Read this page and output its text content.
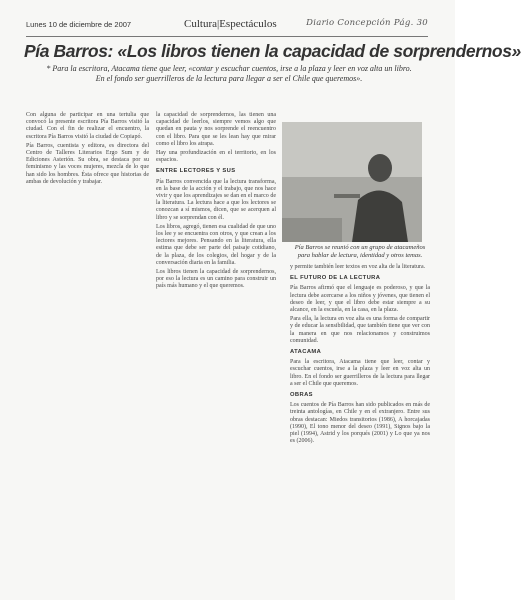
Lunes 10 de diciembre de 2007	Cultura|Espectáculos	Diario Concepción Pág. 30
Pía Barros: «Los libros tienen la capacidad de sorprendernos»
* Para la escritora, Atacama tiene que leer, «contar y escuchar cuentos, irse a la plaza y leer en voz alta un libro. En el fondo ser guerrilleros de la lectura para llegar a ser el Chile que queremos».

Con alguna de participar en una tertulia que convocó la presente escritora Pía Barros visitó la ciudad. Con el fin de realizar el encuentro, la escritora Pía Barros visitó la ciudad de Copiapó.

Pía Barros, cuentista y editora, es directora del Centro de Talleres Literarios Ergo Sum y de Ediciones Asterión. Su obra, se destaca por su feminismo y las voces mujeres, mezcla de lo que han sido los hombres. Ésta ofrece que historias de ambas de devolución y trabajar.

la capacidad de sorprendernos, las tienen una capacidad de leerlos, siempre vemos algo que quedan en pauta y nos sorprende el reencuentro con el libro. Para que se les lean hay que mirar como el libro los atrapa.

Hay una profundización en el territorio, en los espacios.

ENTRE LECTORES Y SUS

Pía Barros convencida que la lectura transforma, en la base de la acción y el trabajo, que nos hace vivir y que los aprendizajes se dan en el marco de la literatura. La lectura hace a que los lectores se conozcan a sí mismos, dicen, que se acerquen al libro y se sorprendan con él.

Los libros, agregó, tienen esa cualidad de que uno los lee y se encuentra con otros, y que crean a los lectores mejores. Pensando en la literatura, ella estima que debe ser parte del paisaje cotidiano, de la plaza, de los colegios, del hogar y de la conversación diaria en la familia.

Los libros tienen la capacidad de sorprendernos, por eso la lectura es un camino para construir un país más humano y el que queremos.

Pía Barros se reunió con un grupo de atacameños para hablar de lectura, identidad y otros temas.

y permite también leer textos en voz alta de la literatura.

EL FUTURO DE LA LECTURA

Pía Barros afirmó que el lenguaje es poderoso, y que la lectura debe acercarse a los niños y jóvenes, que tienen el deseo de leer, y que el libro debe estar siempre a su alcance, en la escuela, en la casa, en la plaza.

Para ella, la lectura en voz alta es una forma de compartir y de educar la sensibilidad, que también tiene que ver con la manera en que nos relacionamos y construimos comunidad.

ATACAMA

Para la escritora, Atacama tiene que leer, contar y escuchar cuentos, irse a la plaza y leer en voz alta un libro. En el fondo ser guerrilleros de la lectura para llegar a ser el Chile que queremos.

OBRAS

Los cuentos de Pía Barros han sido publicados en más de treinta antologías, en Chile y en el extranjero. Entre sus obras destacan: Miedos transitorios (1986), A horcajadas (1990), El tono menor del deseo (1991), Signos bajo la piel (1994), Astrid y los porqués (2001) y Lo que ya nos es (2006).
